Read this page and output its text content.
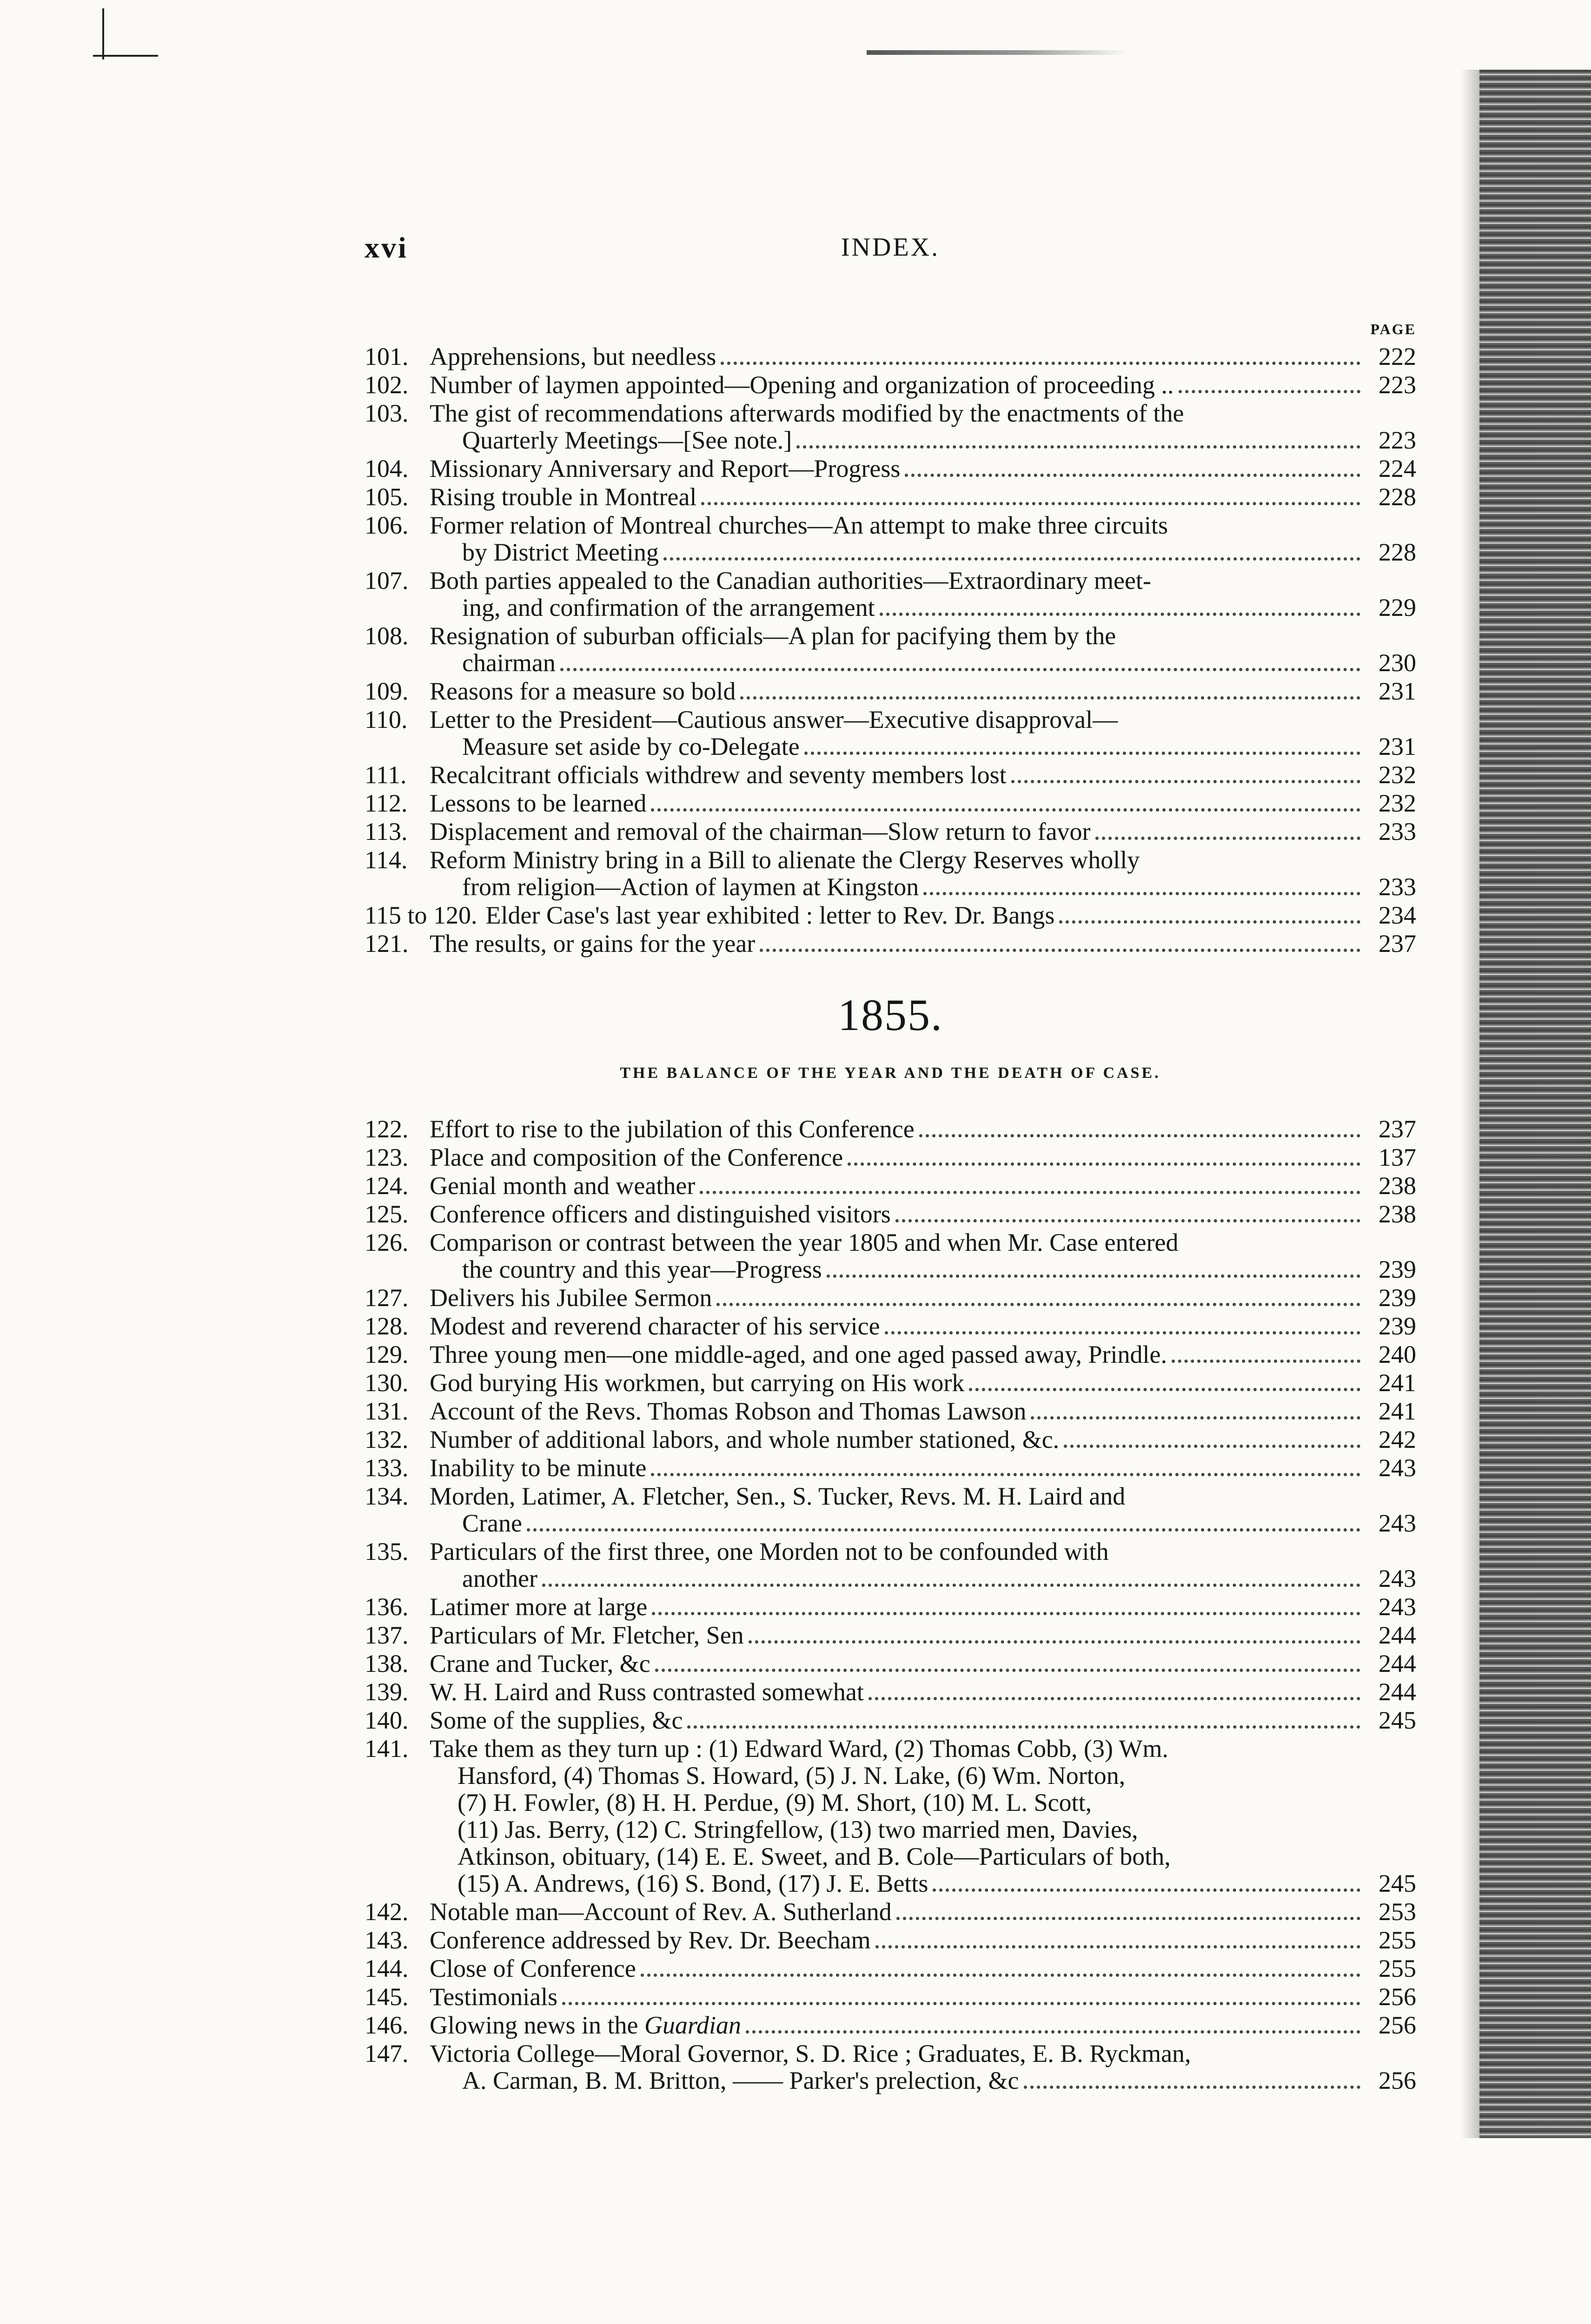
xvi	INDEX.
PAGE
101. Apprehensions, but needless	222
102. Number of laymen appointed—Opening and organization of proceeding ..	223
103. The gist of recommendations afterwards modified by the enactments of the
Quarterly Meetings—[See note.]	223
104. Missionary Anniversary and Report—Progress	224
105. Rising trouble in Montreal	228
106. Former relation of Montreal churches—An attempt to make three circuits
by District Meeting	228
107. Both parties appealed to the Canadian authorities—Extraordinary meet-
ing, and confirmation of the arrangement	229
108. Resignation of suburban officials—A plan for pacifying them by the
chairman	230
109. Reasons for a measure so bold	231
110. Letter to the President—Cautious answer—Executive disapproval—
Measure set aside by co-Delegate	231
111. Recalcitrant officials withdrew and seventy members lost	232
112. Lessons to be learned	232
113. Displacement and removal of the chairman—Slow return to favor	233
114. Reform Ministry bring in a Bill to alienate the Clergy Reserves wholly
from religion—Action of laymen at Kingston	233
115 to 120. Elder Case's last year exhibited : letter to Rev. Dr. Bangs	234
121. The results, or gains for the year	237
1855.
THE BALANCE OF THE YEAR AND THE DEATH OF CASE.
122. Effort to rise to the jubilation of this Conference	237
123. Place and composition of the Conference	137
124. Genial month and weather	238
125. Conference officers and distinguished visitors	238
126. Comparison or contrast between the year 1805 and when Mr. Case entered
the country and this year—Progress	239
127. Delivers his Jubilee Sermon	239
128. Modest and reverend character of his service	239
129. Three young men—one middle-aged, and one aged passed away, Prindle.	240
130. God burying His workmen, but carrying on His work	241
131. Account of the Revs. Thomas Robson and Thomas Lawson	241
132. Number of additional labors, and whole number stationed, &c.	242
133. Inability to be minute	243
134. Morden, Latimer, A. Fletcher, Sen., S. Tucker, Revs. M. H. Laird and
Crane	243
135. Particulars of the first three, one Morden not to be confounded with
another	243
136. Latimer more at large	243
137. Particulars of Mr. Fletcher, Sen	244
138. Crane and Tucker, &c	244
139. W. H. Laird and Russ contrasted somewhat	244
140. Some of the supplies, &c	245
141. Take them as they turn up : (1) Edward Ward, (2) Thomas Cobb, (3) Wm.
Hansford, (4) Thomas S. Howard, (5) J. N. Lake, (6) Wm. Norton,
(7) H. Fowler, (8) H. H. Perdue, (9) M. Short, (10) M. L. Scott,
(11) Jas. Berry, (12) C. Stringfellow, (13) two married men, Davies,
Atkinson, obituary, (14) E. E. Sweet, and B. Cole—Particulars of both,
(15) A. Andrews, (16) S. Bond, (17) J. E. Betts	245
142. Notable man—Account of Rev. A. Sutherland	253
143. Conference addressed by Rev. Dr. Beecham	255
144. Close of Conference	255
145. Testimonials	256
146. Glowing news in the Guardian	256
147. Victoria College—Moral Governor, S. D. Rice ; Graduates, E. B. Ryckman,
A. Carman, B. M. Britton, —— Parker's prelection, &c	256
